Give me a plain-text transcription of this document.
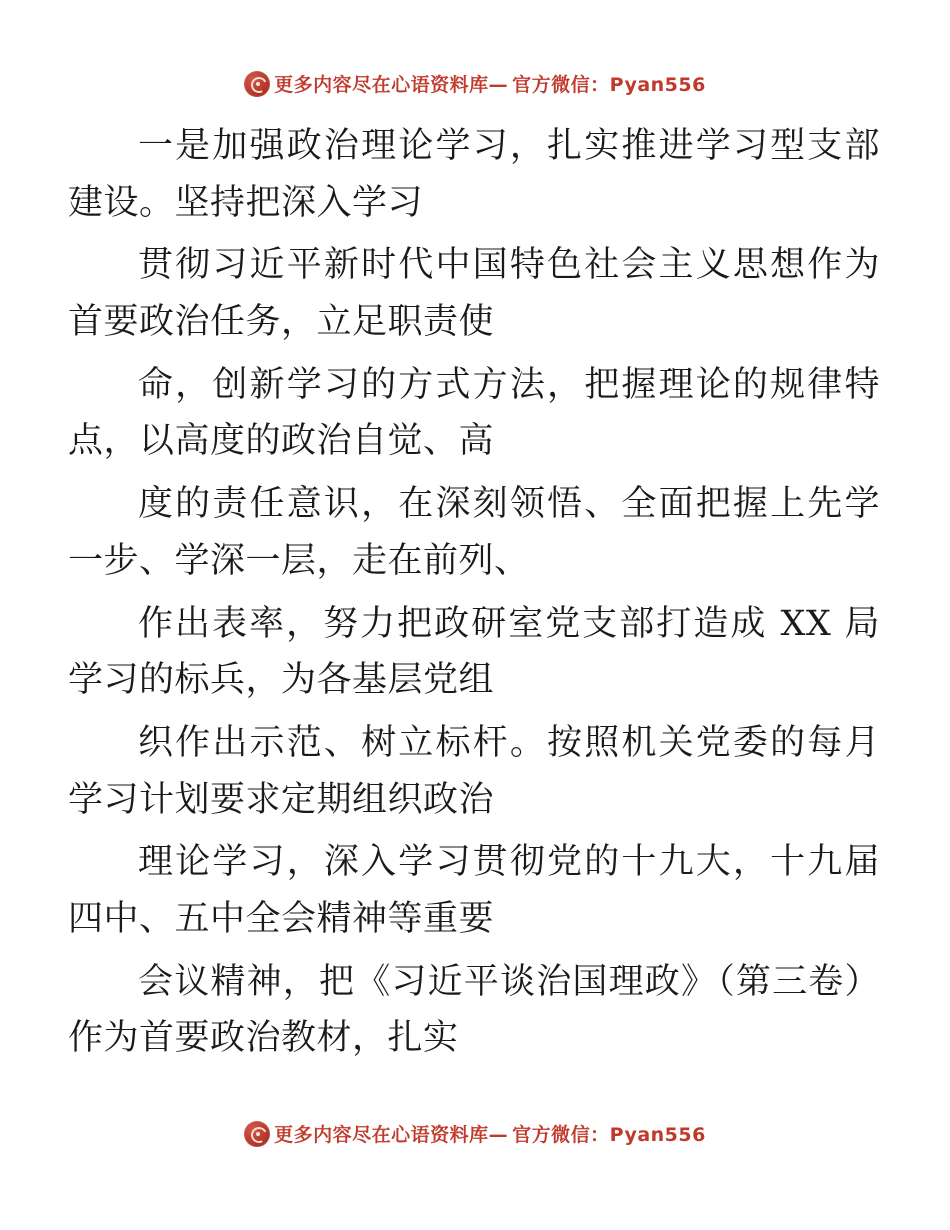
更多内容尽在心语资料库— 官方微信：Pyan556

一是加强政治理论学习，扎实推进学习型支部建设。坚持把深入学习

贯彻习近平新时代中国特色社会主义思想作为首要政治任务，立足职责使

命，创新学习的方式方法，把握理论的规律特点，以高度的政治自觉、高

度的责任意识，在深刻领悟、全面把握上先学一步、学深一层，走在前列、

作出表率，努力把政研室党支部打造成 XX 局学习的标兵，为各基层党组

织作出示范、树立标杆。按照机关党委的每月学习计划要求定期组织政治

理论学习，深入学习贯彻党的十九大，十九届四中、五中全会精神等重要

会议精神，把《习近平谈治国理政》（第三卷）作为首要政治教材，扎实

更多内容尽在心语资料库— 官方微信：Pyan556
